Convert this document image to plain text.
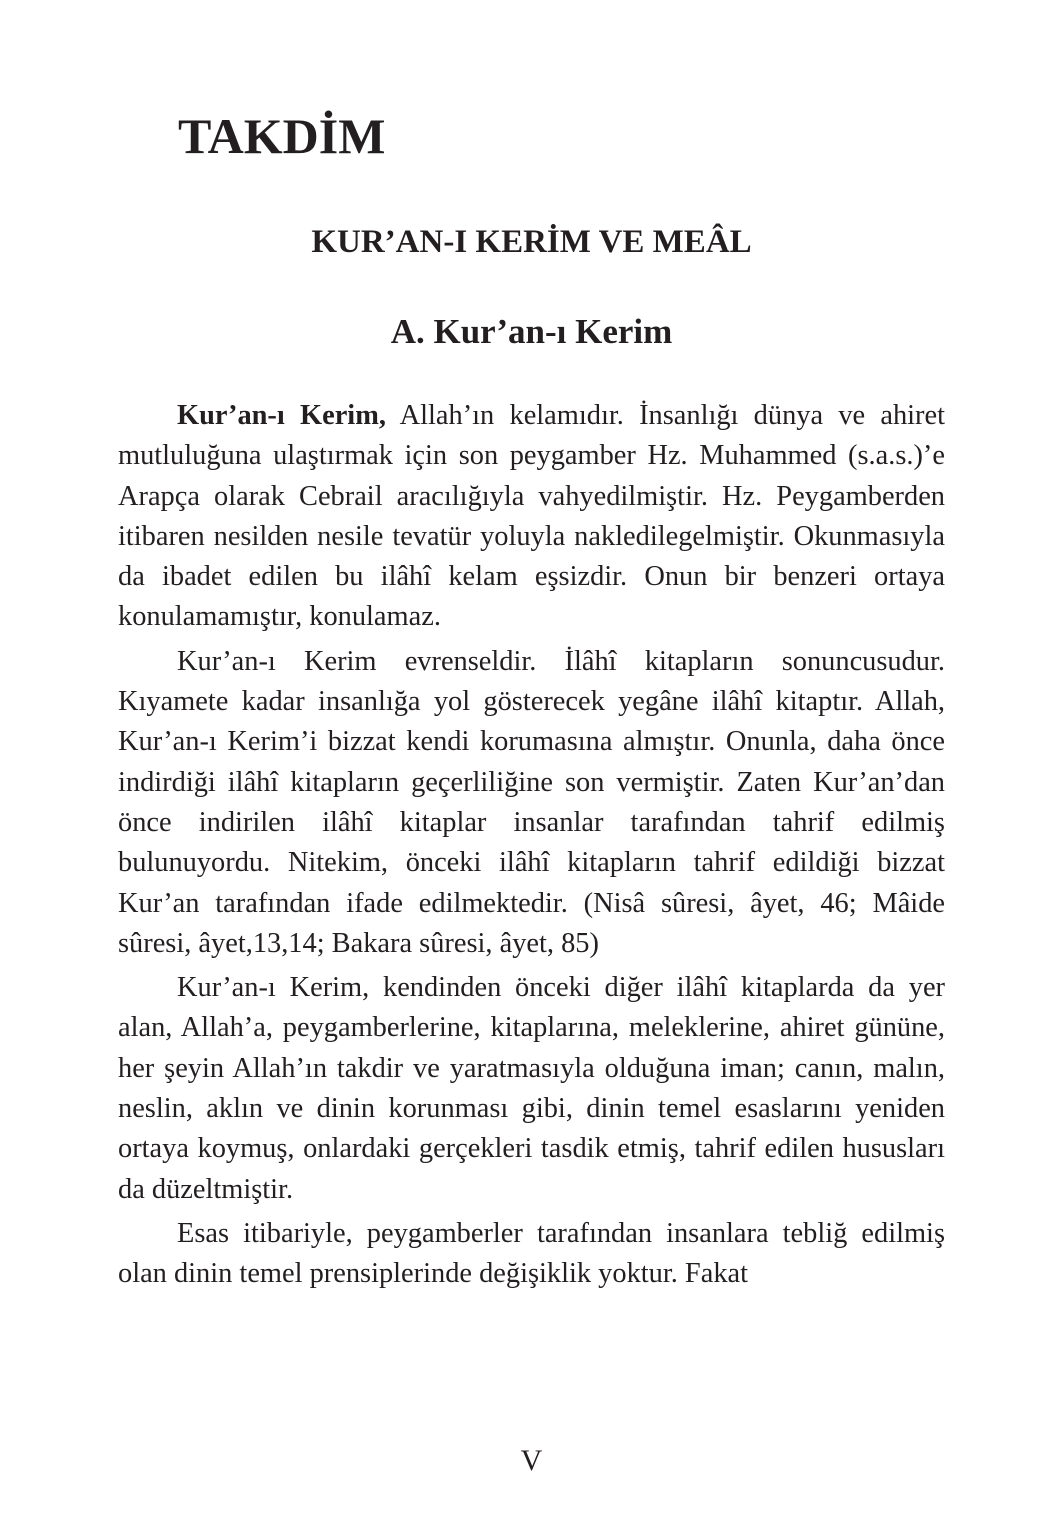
TAKDİM
KUR’AN-I KERİM VE MEÂL
A. Kur’an-ı Kerim

Kur’an-ı Kerim, Allah’ın kelamıdır. İnsanlığı dünya ve ahiret mutluluğuna ulaştırmak için son peygamber Hz. Muhammed (s.a.s.)’e Arapça olarak Cebrail aracılığıyla vahyedilmiştir. Hz. Peygamberden itibaren nesilden nesile tevatür yoluyla nakledilegelmiştir. Okunmasıyla da ibadet edilen bu ilâhî kelam eşsizdir. Onun bir benzeri ortaya konulamamıştır, konulamaz.

Kur’an-ı Kerim evrenseldir. İlâhî kitapların sonuncusudur. Kıyamete kadar insanlığa yol gösterecek yegâne ilâhî kitaptır. Allah, Kur’an-ı Kerim’i bizzat kendi korumasına almıştır. Onunla, daha önce indirdiği ilâhî kitapların geçerliliğine son vermiştir. Zaten Kur’an’dan önce indirilen ilâhî kitaplar insanlar tarafından tahrif edilmiş bulunuyordu. Nitekim, önceki ilâhî kitapların tahrif edildiği bizzat Kur’an tarafından ifade edilmektedir. (Nisâ sûresi, âyet, 46; Mâide sûresi, âyet,13,14; Bakara sûresi, âyet, 85)

Kur’an-ı Kerim, kendinden önceki diğer ilâhî kitaplarda da yer alan, Allah’a, peygamberlerine, kitaplarına, meleklerine, ahiret gününe, her şeyin Allah’ın takdir ve yaratmasıyla olduğuna iman; canın, malın, neslin, aklın ve dinin korunması gibi, dinin temel esaslarını yeniden ortaya koymuş, onlardaki gerçekleri tasdik etmiş, tahrif edilen hususları da düzeltmiştir.

Esas itibariyle, peygamberler tarafından insanlara tebliğ edilmiş olan dinin temel prensiplerinde değişiklik yoktur. Fakat

V
